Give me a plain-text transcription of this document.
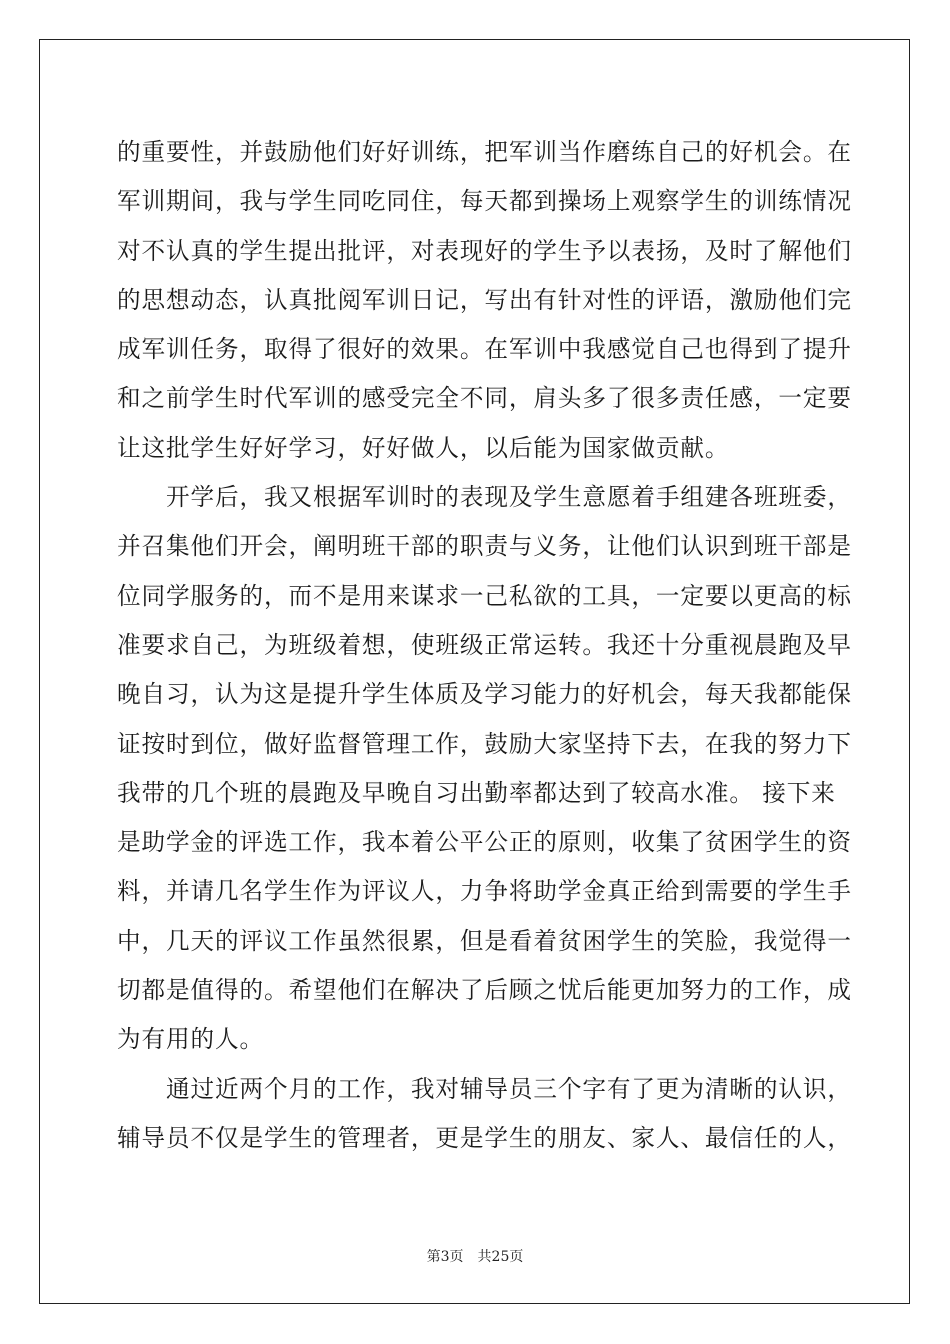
的重要性，并鼓励他们好好训练，把军训当作磨练自己的好机会。在
军训期间，我与学生同吃同住，每天都到操场上观察学生的训练情况
对不认真的学生提出批评，对表现好的学生予以表扬，及时了解他们
的思想动态，认真批阅军训日记，写出有针对性的评语，激励他们完
成军训任务，取得了很好的效果。在军训中我感觉自己也得到了提升
和之前学生时代军训的感受完全不同，肩头多了很多责任感，一定要
让这批学生好好学习，好好做人，以后能为国家做贡献。
　　开学后，我又根据军训时的表现及学生意愿着手组建各班班委，
并召集他们开会，阐明班干部的职责与义务，让他们认识到班干部是
位同学服务的，而不是用来谋求一己私欲的工具，一定要以更高的标
准要求自己，为班级着想，使班级正常运转。我还十分重视晨跑及早
晚自习，认为这是提升学生体质及学习能力的好机会，每天我都能保
证按时到位，做好监督管理工作，鼓励大家坚持下去，在我的努力下
我带的几个班的晨跑及早晚自习出勤率都达到了较高水准。 接下来
是助学金的评选工作，我本着公平公正的原则，收集了贫困学生的资
料，并请几名学生作为评议人，力争将助学金真正给到需要的学生手
中，几天的评议工作虽然很累，但是看着贫困学生的笑脸，我觉得一
切都是值得的。希望他们在解决了后顾之忧后能更加努力的工作，成
为有用的人。
　　通过近两个月的工作，我对辅导员三个字有了更为清晰的认识，
辅导员不仅是学生的管理者，更是学生的朋友、家人、最信任的人，
第3页　共25页
